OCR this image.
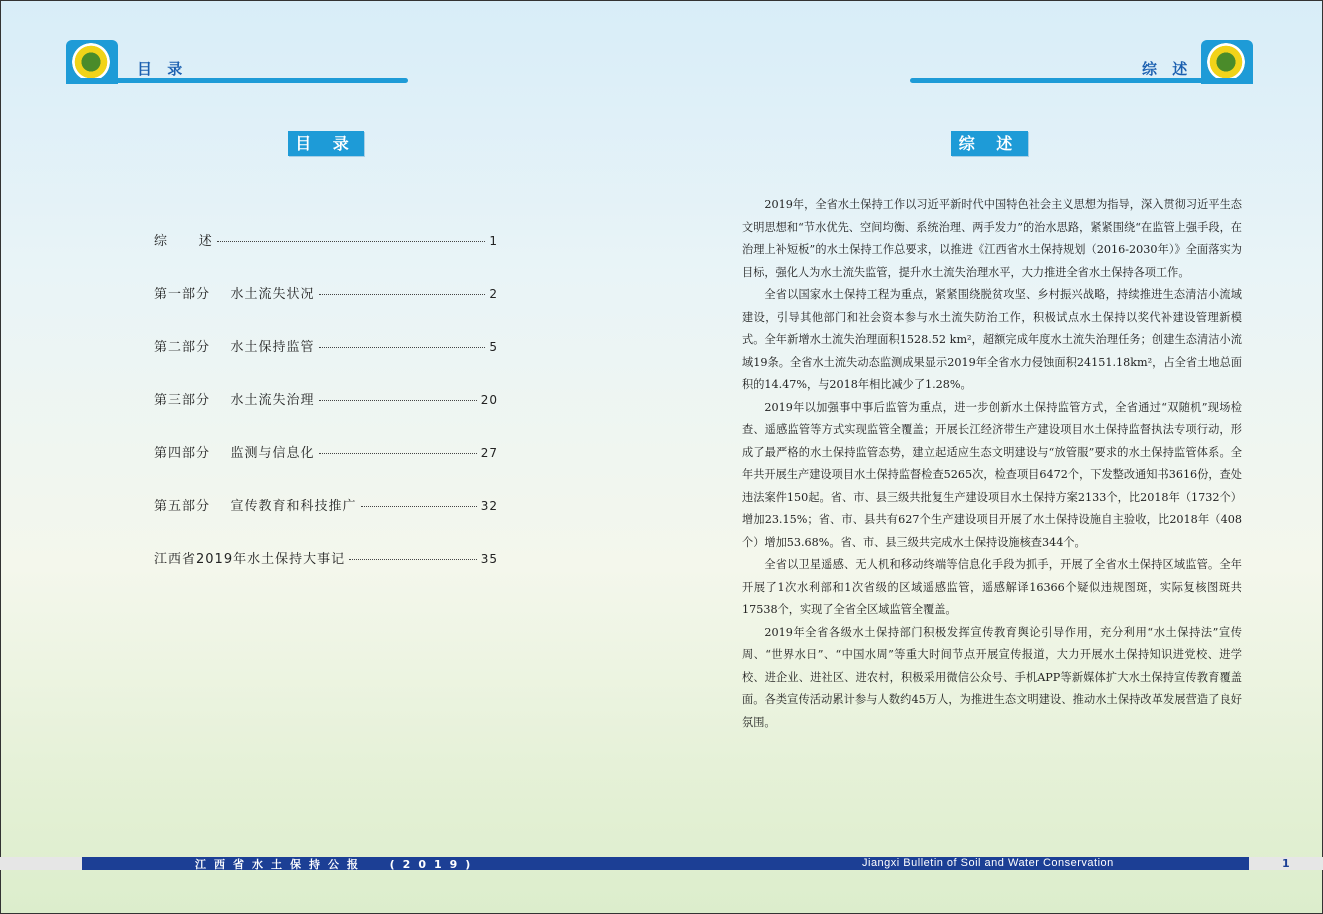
目 录	综 述
目 录	综 述
综      述	1
第一部分 水土流失状况	2
第二部分 水土保持监管	5
第三部分 水土流失治理	20
第四部分 监测与信息化	27
第五部分 宣传教育和科技推广	32
江西省2019年水土保持大事记	35

2019年，全省水土保持工作以习近平新时代中国特色社会主义思想为指导，深入贯彻习近平生态文明思想和“节水优先、空间均衡、系统治理、两手发力”的治水思路，紧紧围绕“在监管上强手段，在治理上补短板”的水土保持工作总要求，以推进《江西省水土保持规划（2016-2030年）》全面落实为目标，强化人为水土流失监管，提升水土流失治理水平，大力推进全省水土保持各项工作。

全省以国家水土保持工程为重点，紧紧围绕脱贫攻坚、乡村振兴战略，持续推进生态清洁小流域建设，引导其他部门和社会资本参与水土流失防治工作，积极试点水土保持以奖代补建设管理新模式。全年新增水土流失治理面积1528.52 km²，超额完成年度水土流失治理任务；创建生态清洁小流域19条。全省水土流失动态监测成果显示2019年全省水力侵蚀面积24151.18km²，占全省土地总面积的14.47%，与2018年相比减少了1.28%。

2019年以加强事中事后监管为重点，进一步创新水土保持监管方式，全省通过“双随机”现场检查、遥感监管等方式实现监管全覆盖；开展长江经济带生产建设项目水土保持监督执法专项行动，形成了最严格的水土保持监管态势，建立起适应生态文明建设与“放管服”要求的水土保持监管体系。全年共开展生产建设项目水土保持监督检查5265次，检查项目6472个，下发整改通知书3616份，查处违法案件150起。省、市、县三级共批复生产建设项目水土保持方案2133个，比2018年（1732个）增加23.15%；省、市、县共有627个生产建设项目开展了水土保持设施自主验收，比2018年（408个）增加53.68%。省、市、县三级共完成水土保持设施核查344个。

全省以卫星遥感、无人机和移动终端等信息化手段为抓手，开展了全省水土保持区域监管。全年开展了1次水利部和1次省级的区域遥感监管，遥感解译16366个疑似违规图斑，实际复核图斑共17538个，实现了全省全区域监管全覆盖。

2019年全省各级水土保持部门积极发挥宣传教育舆论引导作用，充分利用“水土保持法”宣传周、“世界水日”、“中国水周”等重大时间节点开展宣传报道，大力开展水土保持知识进党校、进学校、进企业、进社区、进农村，积极采用微信公众号、手机APP等新媒体扩大水土保持宣传教育覆盖面。各类宣传活动累计参与人数约45万人，为推进生态文明建设、推动水土保持改革发展营造了良好氛围。

江西省水土保持公报  (2019)	Jiangxi Bulletin of Soil and Water Conservation	1
